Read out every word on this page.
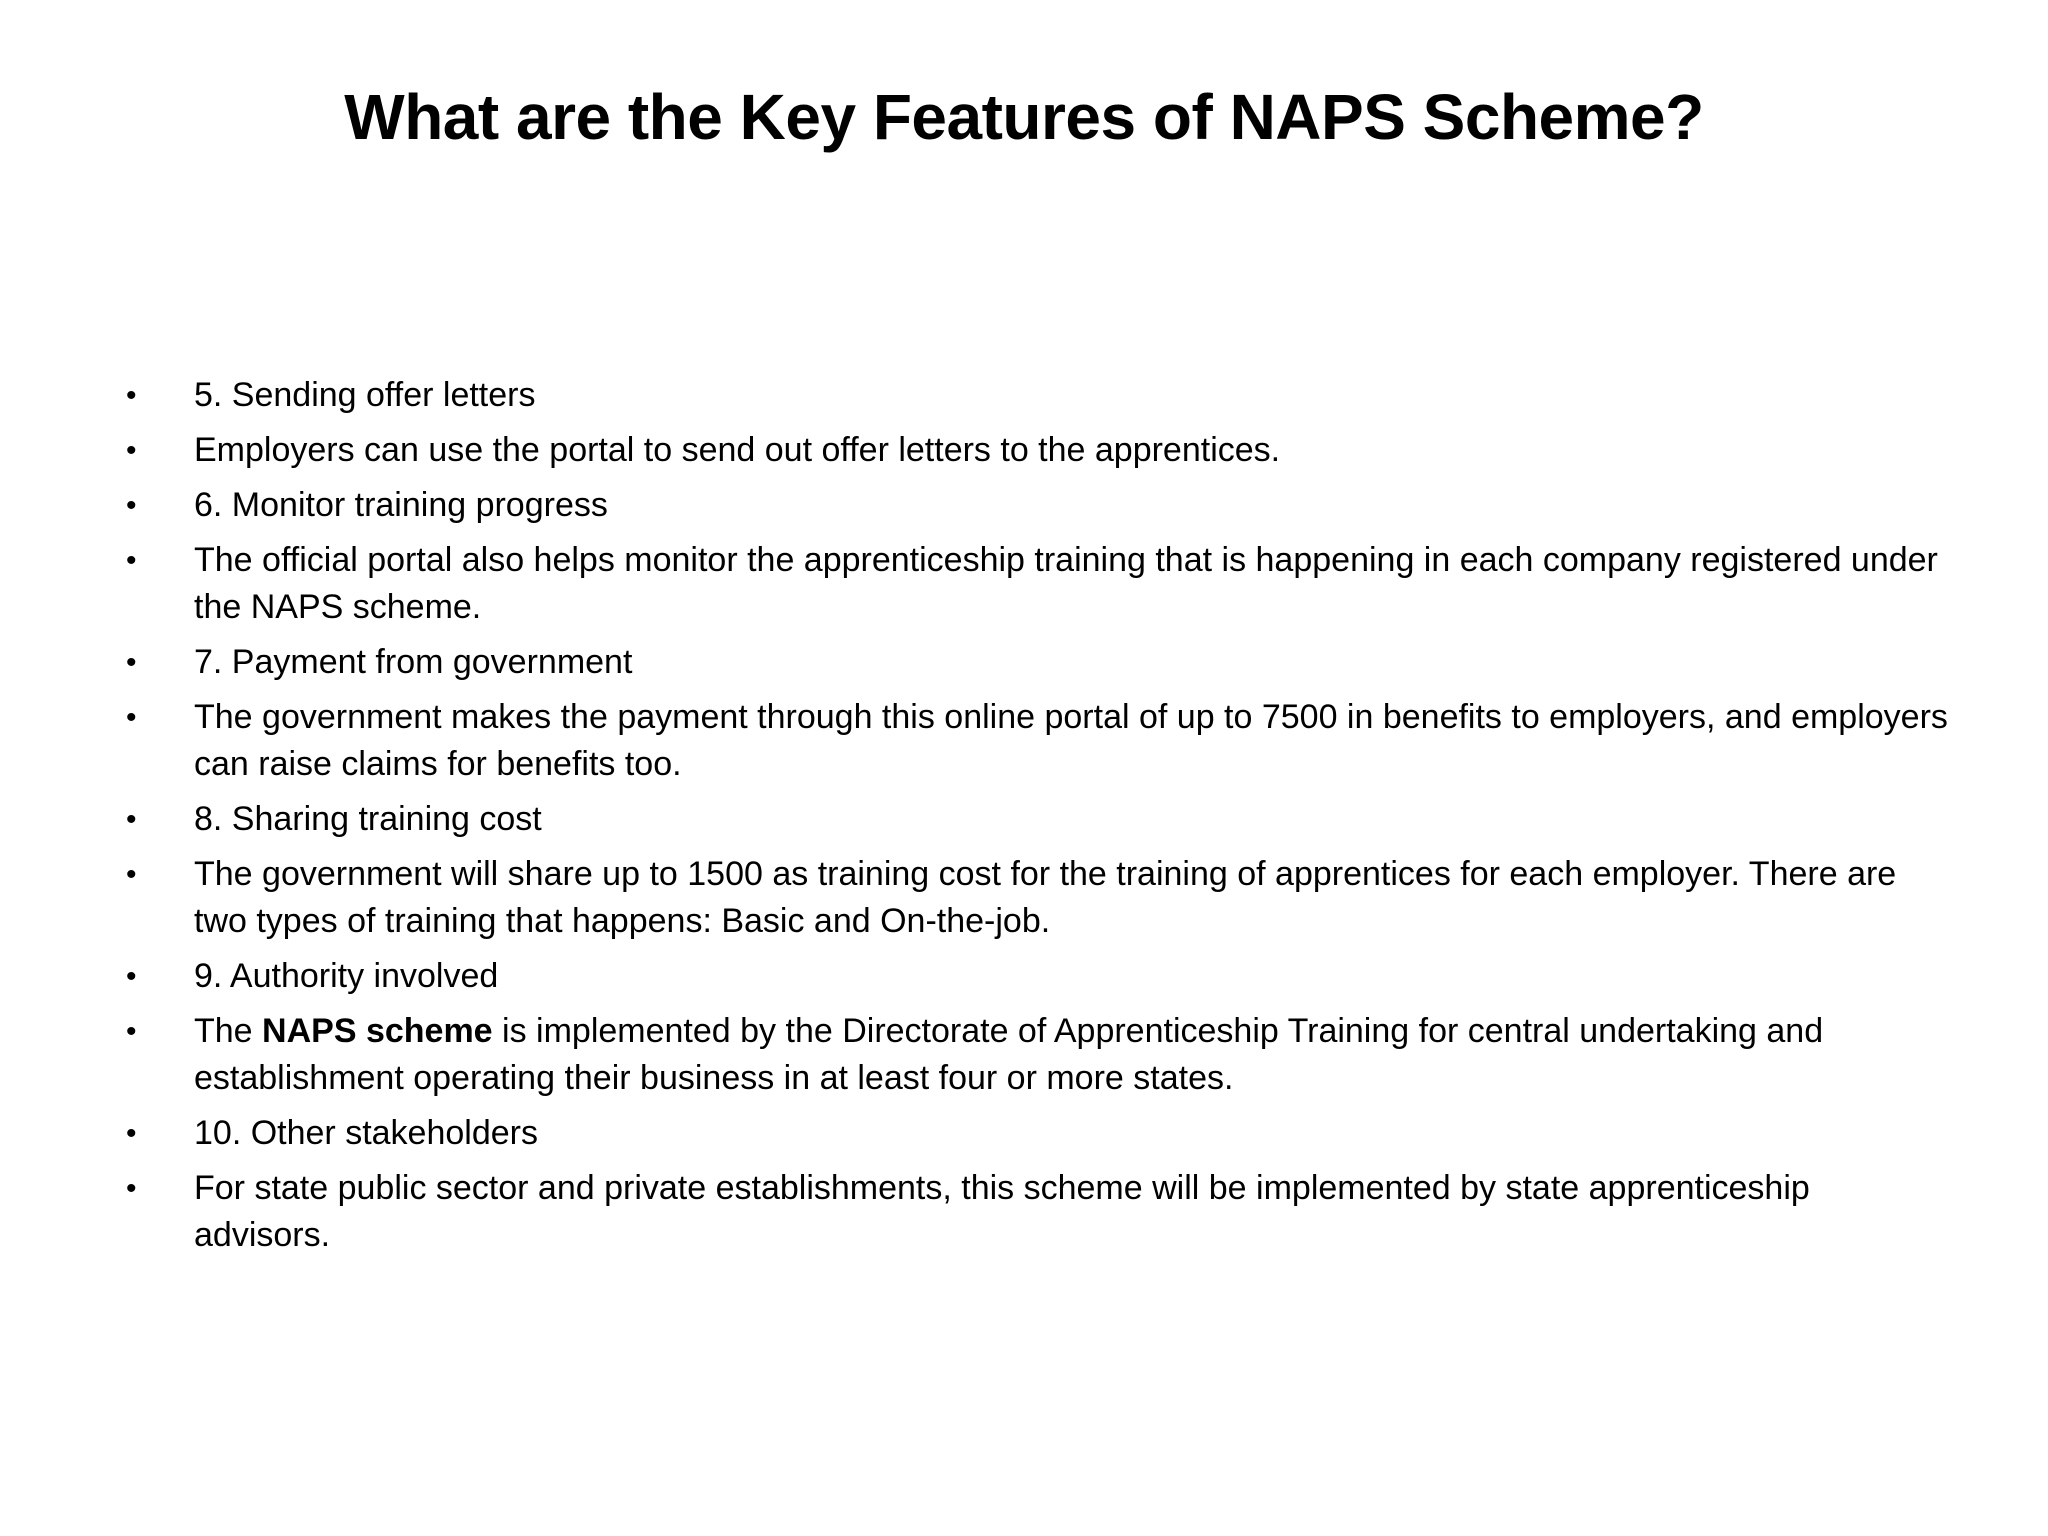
What are the Key Features of NAPS Scheme?
• 5. Sending offer letters
• Employers can use the portal to send out offer letters to the apprentices.
• 6. Monitor training progress
• The official portal also helps monitor the apprenticeship training that is happening in each company registered under the NAPS scheme.
• 7. Payment from government
• The government makes the payment through this online portal of up to 7500 in benefits to employers, and employers can raise claims for benefits too.
• 8. Sharing training cost
• The government will share up to 1500 as training cost for the training of apprentices for each employer. There are two types of training that happens: Basic and On-the-job.
• 9. Authority involved
• The NAPS scheme is implemented by the Directorate of Apprenticeship Training for central undertaking and establishment operating their business in at least four or more states.
• 10. Other stakeholders
• For state public sector and private establishments, this scheme will be implemented by state apprenticeship advisors.
